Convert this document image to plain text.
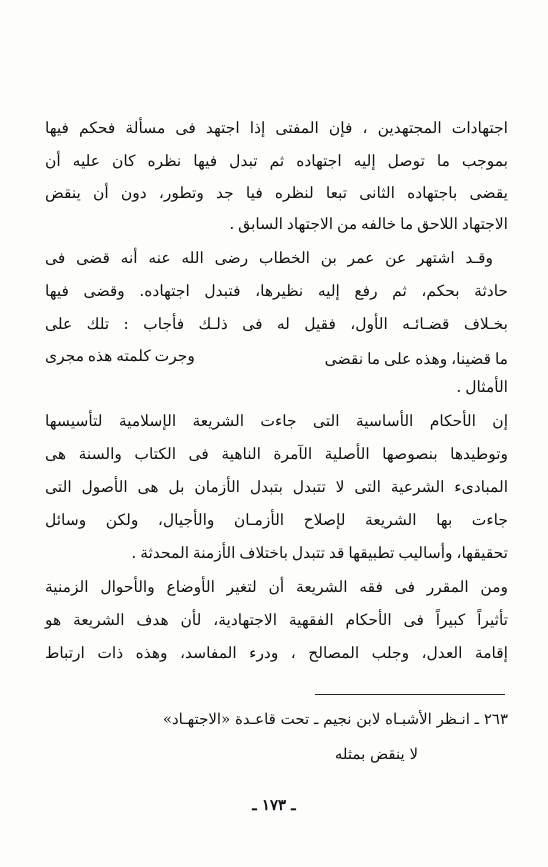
اجتهادات المجتهدين ، فإن المفتى إذا اجتهد فى مسألة فحكم فيها
بموجب ما توصل إليه اجتهاده ثم تبدل فيها نظره كان عليه أن
يقضى باجتهاده الثانى تبعا لنظره فيا جد وتطور، دون أن ينقض
الاجتهاد اللاحق ما خالفه من الاجتهاد السابق .
وقـد اشتهر عن عمر بن الخطاب رضى الله عنه أنه قضى فى
حادثة بحكم، ثم رفع إليه نظيرها، فتبدل اجتهاده. وقضى فيها
بخـلاف قضـائـه الأول، فقيل له فى ذلـك فأجاب : تلك على
ما قضينا، وهذه على ما نقضى
وجرت كلمته هذه مجرى
الأمثال .
إن الأحكام الأساسية التى جاءت الشريعة الإسلامية لتأسيسها
وتوطيدها بنصوصها الأصلية الآمرة الناهية فى الكتاب والسنة هى
المبادىء الشرعية التى لا تتبدل بتبدل الأزمان بل هى الأصول التى
جاءت بها الشريعة لإصلاح الأزمـان والأجيال، ولكن وسائل
تحقيقها، وأساليب تطبيقها قد تتبدل باختلاف الأزمنة المحدثة .
ومن المقرر فى فقه الشريعة أن لتغير الأوضاع والأحوال الزمنية
تأثيراً كبيراً فى الأحكام الفقهية الاجتهادية، لأن هدف الشريعة هو
إقامة العدل، وجلب المصالح ، ودرء المفاسد، وهذه ذات ارتباط
٢٦٣ ـ انـظر الأشبـاه لابن نجيم ـ تحت قاعـدة «الاجتهـاد»
لا ينقض بمثله
ـ ١٧٣ ـ
